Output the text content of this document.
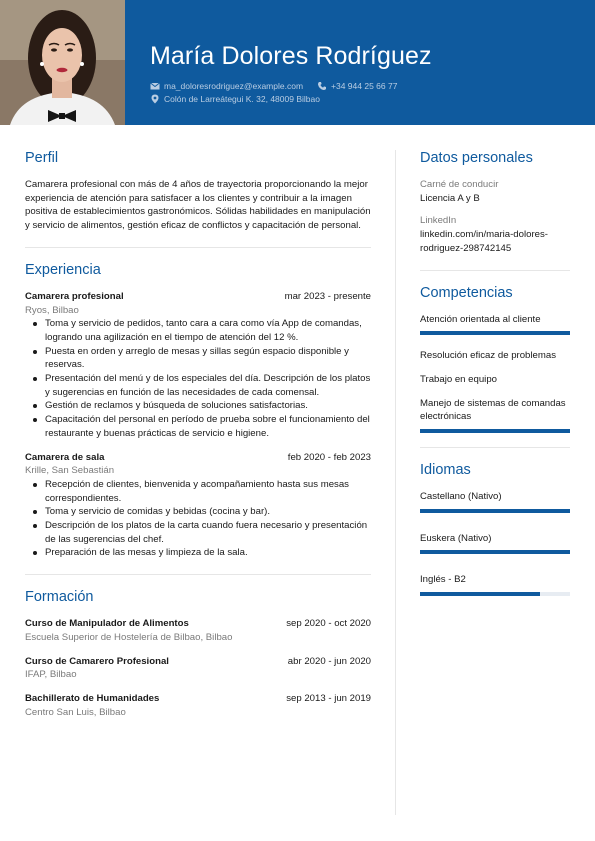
María Dolores Rodríguez
ma_doloresrodriguez@example.com	+34 944 25 66 77
Colón de Larreátegui K. 32, 48009 Bilbao
Perfil
Camarera profesional con más de 4 años de trayectoria proporcionando la mejor experiencia de atención para satisfacer a los clientes y contribuir a la imagen positiva de establecimientos gastronómicos. Sólidas habilidades en manipulación y servicio de alimentos, gestión eficaz de conflictos y capacitación de personal.
Experiencia
Camarera profesional	mar 2023 - presente
Ryos, Bilbao
Toma y servicio de pedidos, tanto cara a cara como vía App de comandas, logrando una agilización en el tiempo de atención del 12 %.
Puesta en orden y arreglo de mesas y sillas según espacio disponible y reservas.
Presentación del menú y de los especiales del día. Descripción de los platos y sugerencias en función de las necesidades de cada comensal.
Gestión de reclamos y búsqueda de soluciones satisfactorias.
Capacitación del personal en período de prueba sobre el funcionamiento del restaurante y buenas prácticas de servicio e higiene.
Camarera de sala	feb 2020 - feb 2023
Krille, San Sebastián
Recepción de clientes, bienvenida y acompañamiento hasta sus mesas correspondientes.
Toma y servicio de comidas y bebidas (cocina y bar).
Descripción de los platos de la carta cuando fuera necesario y presentación de las sugerencias del chef.
Preparación de las mesas y limpieza de la sala.
Formación
Curso de Manipulador de Alimentos	sep 2020 - oct 2020
Escuela Superior de Hostelería de Bilbao, Bilbao
Curso de Camarero Profesional	abr 2020 - jun 2020
IFAP, Bilbao
Bachillerato de Humanidades	sep 2013 - jun 2019
Centro San Luis, Bilbao
Datos personales
Carné de conducir
Licencia A y B
LinkedIn
linkedin.com/in/maria-dolores-rodriguez-298742145
Competencias
Atención orientada al cliente
Resolución eficaz de problemas
Trabajo en equipo
Manejo de sistemas de comandas electrónicas
Idiomas
Castellano (Nativo)
Euskera (Nativo)
Inglés - B2
